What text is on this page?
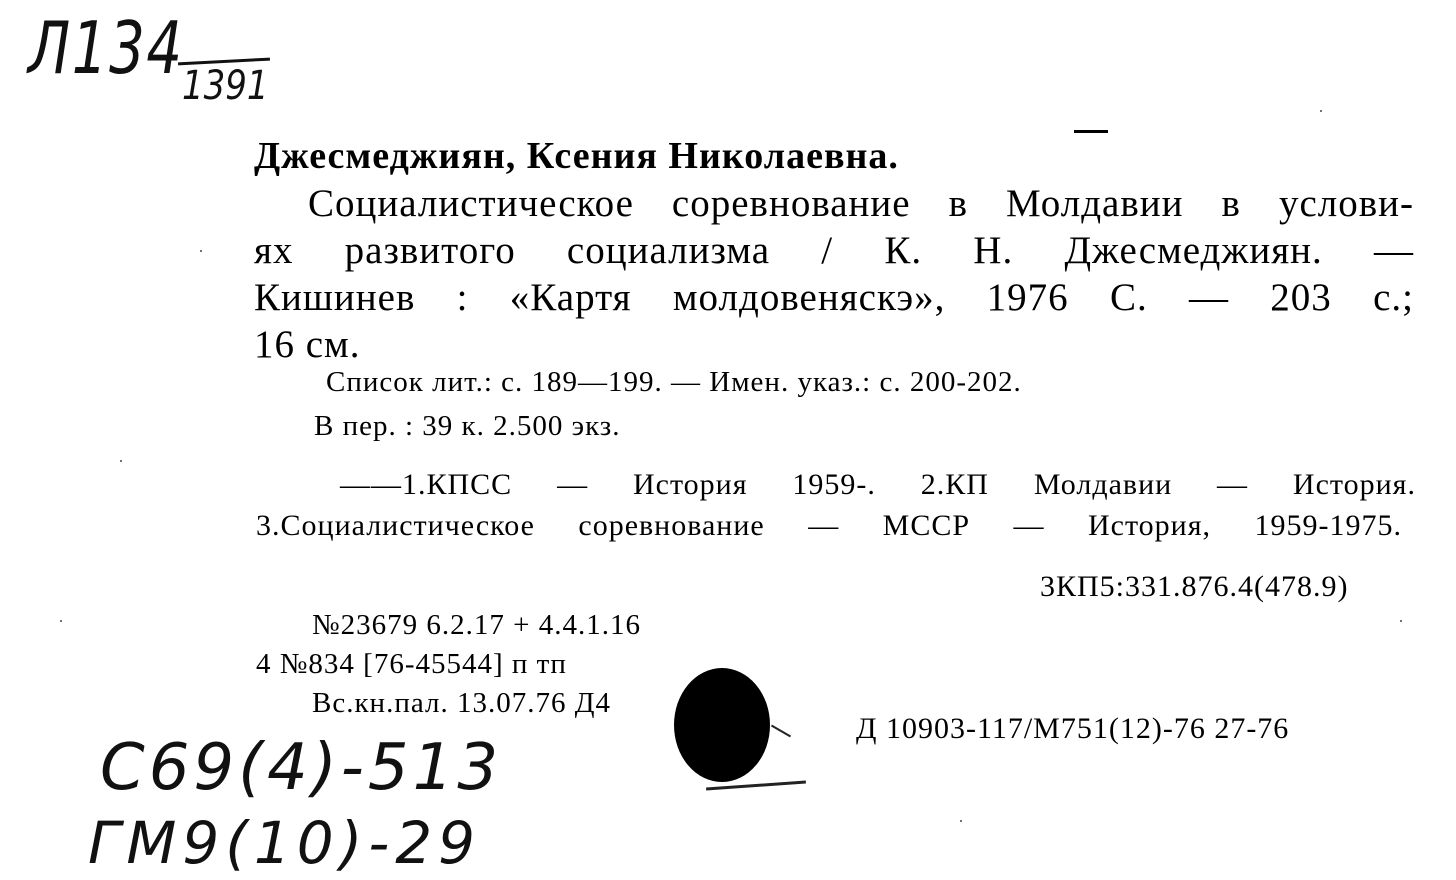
Л134
1391
Джесмеджиян, Ксения Николаевна.
Социалистическое соревнование в Молдавии в услови-
ях развитого социализма / К. Н. Джесмеджиян. —
Кишинев : «Картя молдовеняскэ», 1976 С. — 203 с.;
16 см.
Список лит.: с. 189—199. — Имен. указ.: с. 200-202.
В пер. : 39 к. 2.500 экз.
——1.КПСС — История 1959-. 2.КП Молдавии — История.
3.Социалистическое соревнование — МССР — История, 1959-1975.
3КП5:331.876.4(478.9)
№23679 6.2.17 + 4.4.1.16
4 №834 [76-45544] п тп
Вс.кн.пал. 13.07.76 Д4
Д 10903-117/М751(12)-76 27-76
С69(4)-513
ГМ9(10)-29
